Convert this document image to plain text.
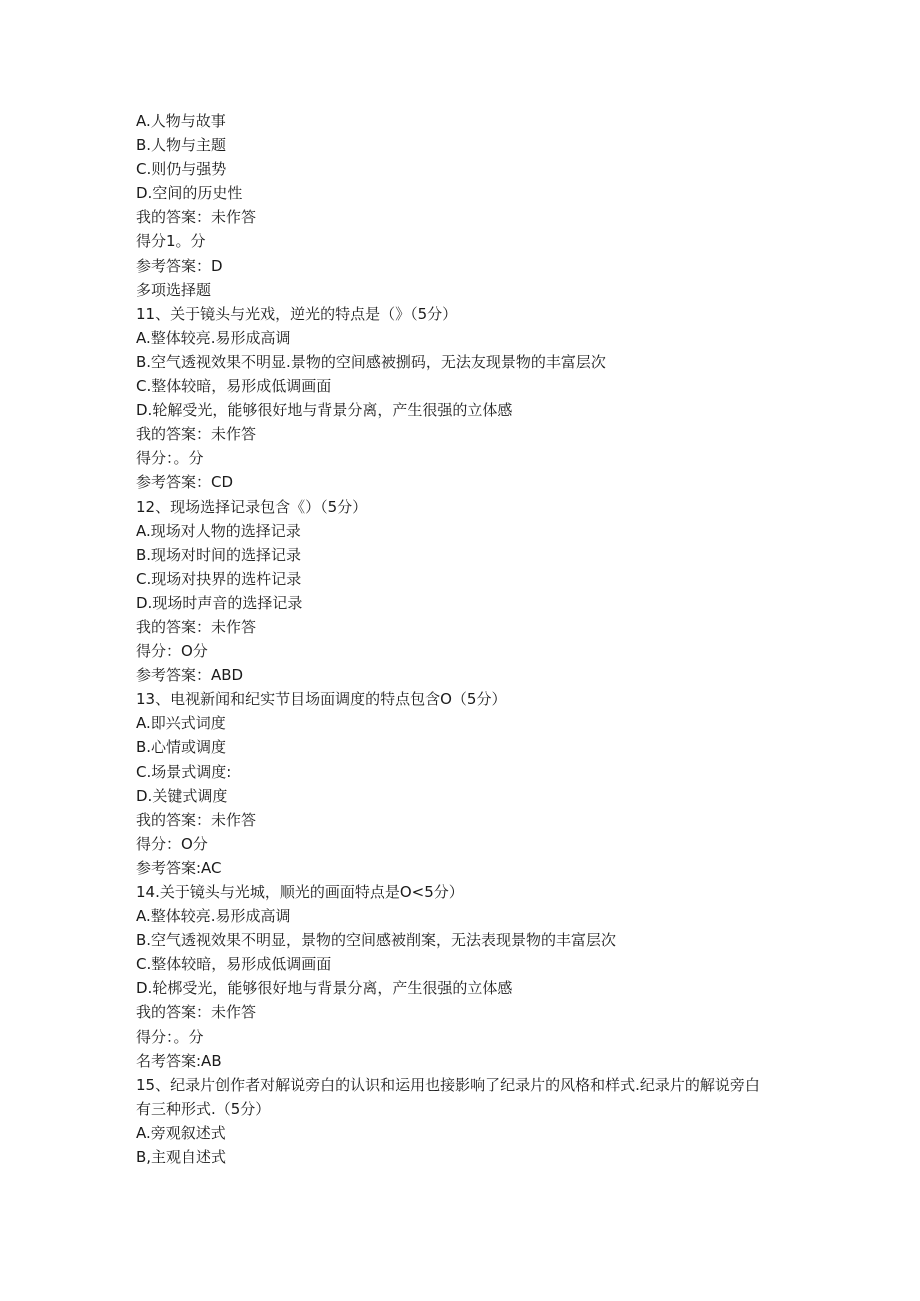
A.人物与故事

B.人物与主题

C.则仍与强势

D.空间的历史性

我的答案：未作答

得分1。分

参考答案：D

多项选择题

11、关于镜头与光戏，逆光的特点是（》（5分）

A.整体较亮.易形成高调

B.空气透视效果不明显.景物的空间感被捌码，无法友现景物的丰富层次

C.整体较暗，易形成低调画面

D.轮解受光，能够很好地与背景分离，产生很强的立体感

我的答案：未作答

得分：。分

参考答案：CD

12、现场选择记录包含《）（5分）

A.现场对人物的选择记录

B.现场对时间的选择记录

C.现场对抉界的选杵记录

D.现场时声音的选择记录

我的答案：未作答

得分：O分

参考答案：ABD

13、电视新闻和纪实节目场面调度的特点包含O（5分）

A.即兴式词度

B.心情或调度

C.场景式调度:

D.关键式调度

我的答案：未作答

得分：O分

参考答案:AC

14.关于镜头与光城，顺光的画面特点是O<5分）

A.整体较亮.易形成高调

B.空气透视效果不明显，景物的空间感被削案，无法表现景物的丰富层次

C.整体较暗，易形成低调画面

D.轮梆受光，能够很好地与背景分离，产生很强的立体感

我的答案：未作答

得分：。分

名考答案:AB

15、纪录片创作者对解说旁白的认识和运用也接影响了纪录片的风格和样式.纪录片的解说旁白

有三种形式.（5分）

A.旁观叙述式

B,主观自述式
